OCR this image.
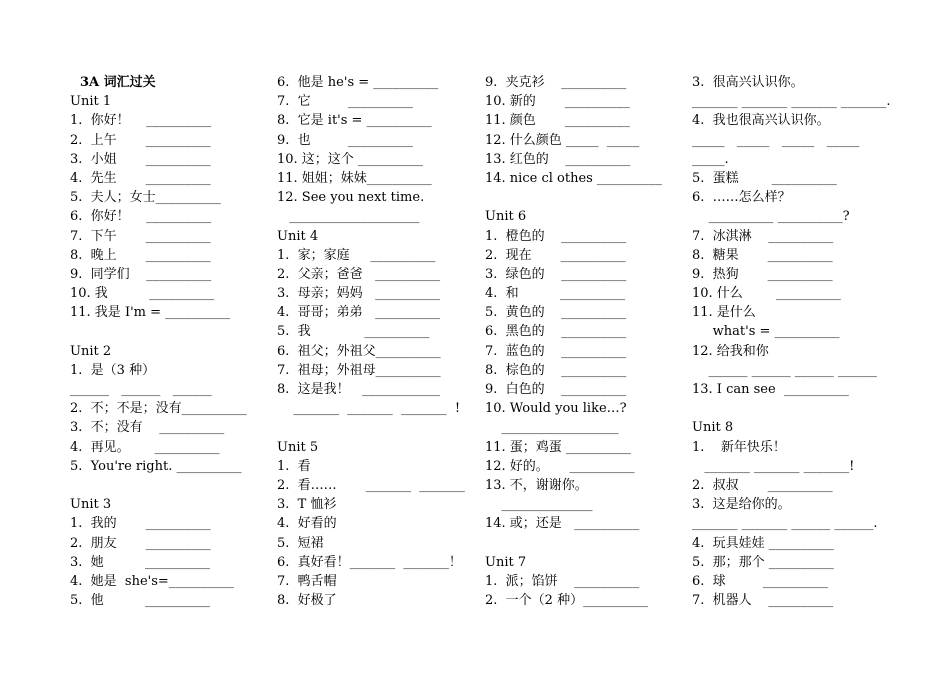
3A 词汇过关
Unit 1
1.  你好！    __________
2.  上午       __________
3.  小姐       __________
4.  先生       __________
5.  夫人；女士__________
6.  你好！    __________
7.  下午       __________
8.  晚上       __________
9.  同学们    __________
10. 我          __________
11. 我是 I'm = __________
Unit 2
1.  是（3 种）
______   ______   ______
2.  不；不是；没有__________
3.  不；没有    __________
4.  再见。      __________
5.  You're right. __________
Unit 3
1.  我的       __________
2.  朋友       __________
3.  她          __________
4.  她是  she's=__________
5.  他          __________
6.  他是 he's = __________
7.  它         __________
8.  它是 it's = __________
9.  也         __________
10. 这；这个 __________
11. 姐姐；妹妹__________
12. See you next time.
____________________
Unit 4
1.  家；家庭     __________
2.  父亲；爸爸   __________
3.  母亲；妈妈   __________
4.  哥哥；弟弟   __________
5.  我             __________
6.  祖父；外祖父__________
7.  祖母；外祖母__________
8.  这是我！   ____________
_______  _______  _______  !
Unit 5
1.  看
2.  看……       _______  _______
3.  T 恤衫
4.  好看的
5.  短裙
6.  真好看！_______  _______！
7.  鸭舌帽
8.  好极了
9.  夹克衫    __________
10. 新的       __________
11. 颜色       __________
12. 什么颜色 _____  _____
13. 红色的    __________
14. nice cl othes __________
Unit 6
1.  橙色的    __________
2.  现在       __________
3.  绿色的    __________
4.  和          __________
5.  黄色的    __________
6.  黑色的    __________
7.  蓝色的    __________
8.  棕色的    __________
9.  白色的    __________
10. Would you like…?
__________________
11. 蛋；鸡蛋 __________
12. 好的。     __________
13. 不，谢谢你。
______________
14. 或；还是   __________
Unit 7
1.  派；馅饼    __________
2.  一个（2 种）__________
3.  很高兴认识你。
_______ _______ _______ _______.
4.  我也很高兴认识你。
_____   _____   _____   _____
_____.
5.  蛋糕        __________
6.  ……怎么样？
__________ __________?
7.  冰淇淋    __________
8.  糖果       __________
9.  热狗       __________
10. 什么        __________
11. 是什么
what's = __________
12. 给我和你
______ ______ ______ ______
13. I can see  __________
Unit 8
1.    新年快乐！
_______ _______ _______!
2.  叔叔       __________
3.  这是给你的。
_______ _______ ______ ______.
4.  玩具娃娃 __________
5.  那；那个 __________
6.  球         __________
7.  机器人    __________
